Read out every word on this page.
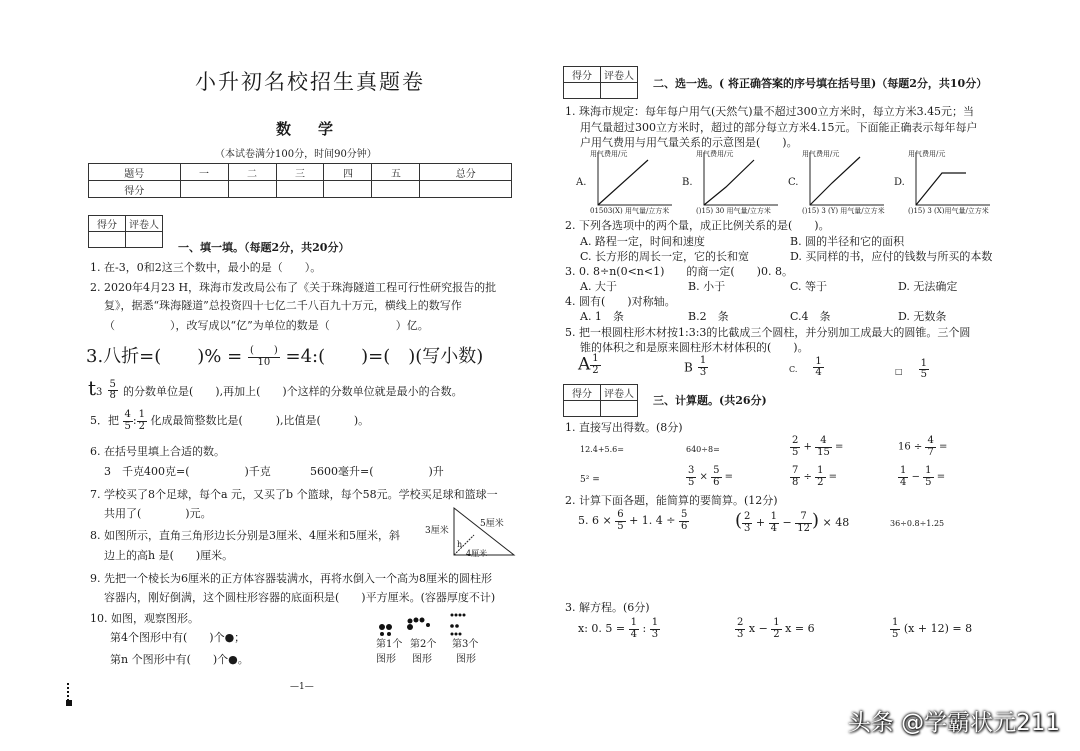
小升初名校招生真题卷
数　学
（本试卷满分100分，时间90分钟）
题号	一	二	三	四	五	总分
得分						
得分	评卷人

一、填一填。（每题2分，共20分）
1. 在-3，0和2这三个数中，最小的是（　　）。
2. 2020年4月23 H，珠海市发改局公布了《关于珠海隧道工程可行性研究报告的批
复》，据悉“珠海隧道”总投资四十七亿二千八百九十万元，横线上的数写作
（　　　　　），改写成以“亿”为单位的数是（　　　　　　）亿。
3.八折=(　　)% = $\frac{( )}{10}$ =4:(　　)=(　)(写小数)
$t3 \frac{5}{8}$ 的分数单位是(　　),再加上(　　)个这样的分数单位就是最小的合数。
5．把 $\frac{4}{5}$ : $\frac{1}{2}$ 化成最简整数比是(　　　),比值是(　　　)。
6. 在括号里填上合适的数。
3　千克400克=(　　　　　)千克	5600毫升=(　　　　　)升
7. 学校买了8个足球，每个a 元，又买了b 个篮球，每个58元。学校买足球和篮球一
共用了(　　　　)元。
8. 如图所示，直角三角形边长分别是3厘米、4厘米和5厘米，斜
边上的高h 是(　　)厘米。
3厘米
5厘米
4厘米
h
9. 先把一个棱长为6厘米的正方体容器装满水，再将水倒入一个高为8厘米的圆柱形
容器内，刚好倒满，这个圆柱形容器的底面积是(　　)平方厘米。(容器厚度不计)
10. 如图，观察图形。
第4个图形中有(　　)个●；
第n 个图形中有(　　)个●。
第1个 第2个 第3个
图形 图形 图形
—1—
得分	评卷人

二、选一选。( 将正确答案的序号填在括号里)（每题2分，共10分）
1. 珠海市规定：每年每户用气(天然气)量不超过300立方米时，每立方米3.45元；当
用气量超过300立方米时，超过的部分每立方米4.15元。下面能正确表示每年每户
户用气费用与用气量关系的示意图是(　　)。
A.
用气费用/元
01503(X) 用气量/立方米
B.
用气费用/元
()15) 30 用气量/立方米
C.
用气费用/元
()15) 3 (Y) 用气量/立方米
D.
用气费用/元
()15) 3 (X)用气量/立方米
2. 下列各选项中的两个量，成正比例关系的是(　　)。
A. 路程一定，时间和速度	B. 圆的半径和它的面积
C. 长方形的周长一定，它的长和宽	D. 买同样的书，应付的钱数与所买的本数
3. 0. 8÷n(0<n<1)　　的商一定(　　)0. 8。
A. 大于	B. 小于	C. 等于	D. 无法确定
4. 圆有(　　)对称轴。
A. 1　条	B.2　条	C.4　条	D. 无数条
5. 把一根圆柱形木材按1:3:3的比截成三个圆柱，并分别加工成最大的圆锥。三个圆
锥的体积之和是原来圆柱形木材体积的(　　)。
A $\frac{1}{2}$	B $\frac{1}{3}$	C.　 $\frac{1}{4}$	□　 $\frac{1}{5}$
得分	评卷人
	三、计算题。(共26分)
1. 直接写出得数。(8分)
12.4+5.6=	640÷8=	$\frac{2}{5} + \frac{4}{15}$ =	$16 \div \frac{4}{7}$ =
5² =	$\frac{3}{5} \times \frac{5}{6}$ =	$\frac{7}{8} \div \frac{1}{2}$ =	$\frac{1}{4} - \frac{1}{5}$ =
2. 计算下面各题，能简算的要简算。(12分)
5. $6 \times \frac{6}{5} + 1$. $4 \div \frac{5}{6}$	( $\frac{2}{3} + \frac{1}{4} - \frac{7}{12}$ ) × 48	36÷0.8÷1.25
3. 解方程。(6分)
x: 0. $5 = \frac{1}{4}$ : $\frac{1}{3}$	$\frac{2}{3}$ $x - \frac{1}{2}$ x = 6	$\frac{1}{5} (x + 12) = 8$
头条 @学霸状元211
